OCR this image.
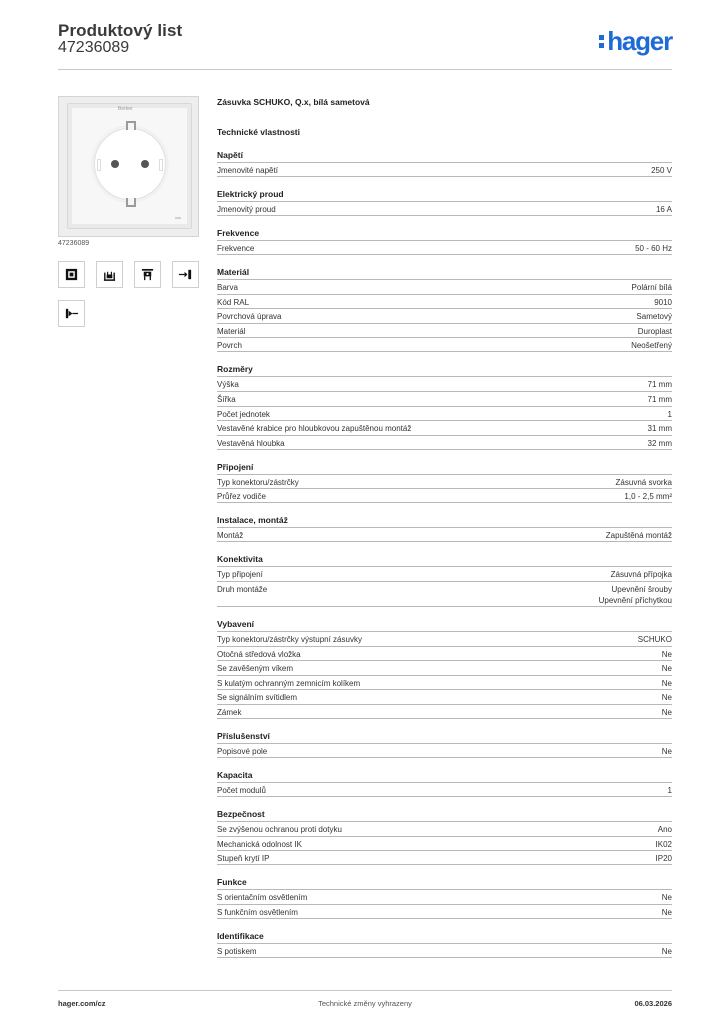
Produktový list
47236089	hager
Berker
47236089
Zásuvka SCHUKO, Q.x, bílá sametová
Technické vlastnosti
Napětí
Jmenovité napětí	250 V
Elektrický proud
Jmenovitý proud	16 A
Frekvence
Frekvence	50 - 60 Hz
Materiál
Barva	Polární bílá
Kód RAL	9010
Povrchová úprava	Sametový
Materiál	Duroplast
Povrch	Neošetřený
Rozměry
Výška	71 mm
Šířka	71 mm
Počet jednotek	1
Vestavěné krabice pro hloubkovou zapuštěnou montáž	31 mm
Vestavěná hloubka	32 mm
Připojení
Typ konektoru/zástrčky	Zásuvná svorka
Průřez vodiče	1,0 - 2,5 mm²
Instalace, montáž
Montáž	Zapuštěná montáž
Konektivita
Typ připojení	Zásuvná přípojka
Druh montáže	Upevnění šrouby
Upevnění příchytkou
Vybavení
Typ konektoru/zástrčky výstupní zásuvky	SCHUKO
Otočná středová vložka	Ne
Se zavěšeným víkem	Ne
S kulatým ochranným zemnicím kolíkem	Ne
Se signálním svítidlem	Ne
Zámek	Ne
Příslušenství
Popisové pole	Ne
Kapacita
Počet modulů	1
Bezpečnost
Se zvýšenou ochranou proti dotyku	Ano
Mechanická odolnost IK	IK02
Stupeň krytí IP	IP20
Funkce
S orientačním osvětlením	Ne
S funkčním osvětlením	Ne
Identifikace
S potiskem	Ne
hager.com/cz	Technické změny vyhrazeny	06.03.2026
